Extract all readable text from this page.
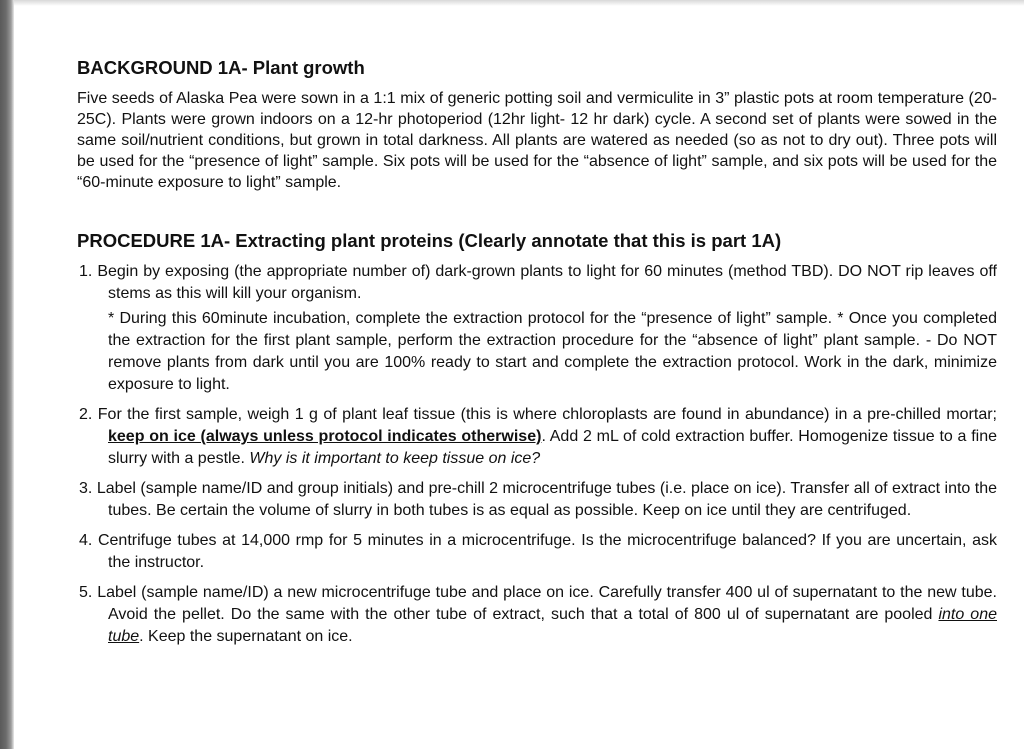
BACKGROUND 1A- Plant growth

Five seeds of Alaska Pea were sown in a 1:1 mix of generic potting soil and vermiculite in 3” plastic pots at room temperature (20-25C). Plants were grown indoors on a 12-hr photoperiod (12hr light- 12 hr dark) cycle. A second set of plants were sowed in the same soil/nutrient conditions, but grown in total darkness. All plants are watered as needed (so as not to dry out). Three pots will be used for the “presence of light” sample. Six pots will be used for the “absence of light” sample, and six pots will be used for the “60-minute exposure to light” sample.

PROCEDURE 1A- Extracting plant proteins (Clearly annotate that this is part 1A)

1. Begin by exposing (the appropriate number of) dark-grown plants to light for 60 minutes (method TBD). DO NOT rip leaves off stems as this will kill your organism.
* During this 60minute incubation, complete the extraction protocol for the “presence of light” sample. * Once you completed the extraction for the first plant sample, perform the extraction procedure for the “absence of light” plant sample. - Do NOT remove plants from dark until you are 100% ready to start and complete the extraction protocol. Work in the dark, minimize exposure to light.

2. For the first sample, weigh 1 g of plant leaf tissue (this is where chloroplasts are found in abundance) in a pre-chilled mortar; keep on ice (always unless protocol indicates otherwise). Add 2 mL of cold extraction buffer. Homogenize tissue to a fine slurry with a pestle. Why is it important to keep tissue on ice?

3. Label (sample name/ID and group initials) and pre-chill 2 microcentrifuge tubes (i.e. place on ice). Transfer all of extract into the tubes. Be certain the volume of slurry in both tubes is as equal as possible. Keep on ice until they are centrifuged.

4. Centrifuge tubes at 14,000 rmp for 5 minutes in a microcentrifuge. Is the microcentrifuge balanced? If you are uncertain, ask the instructor.

5. Label (sample name/ID) a new microcentrifuge tube and place on ice. Carefully transfer 400 ul of supernatant to the new tube. Avoid the pellet. Do the same with the other tube of extract, such that a total of 800 ul of supernatant are pooled into one tube. Keep the supernatant on ice.
